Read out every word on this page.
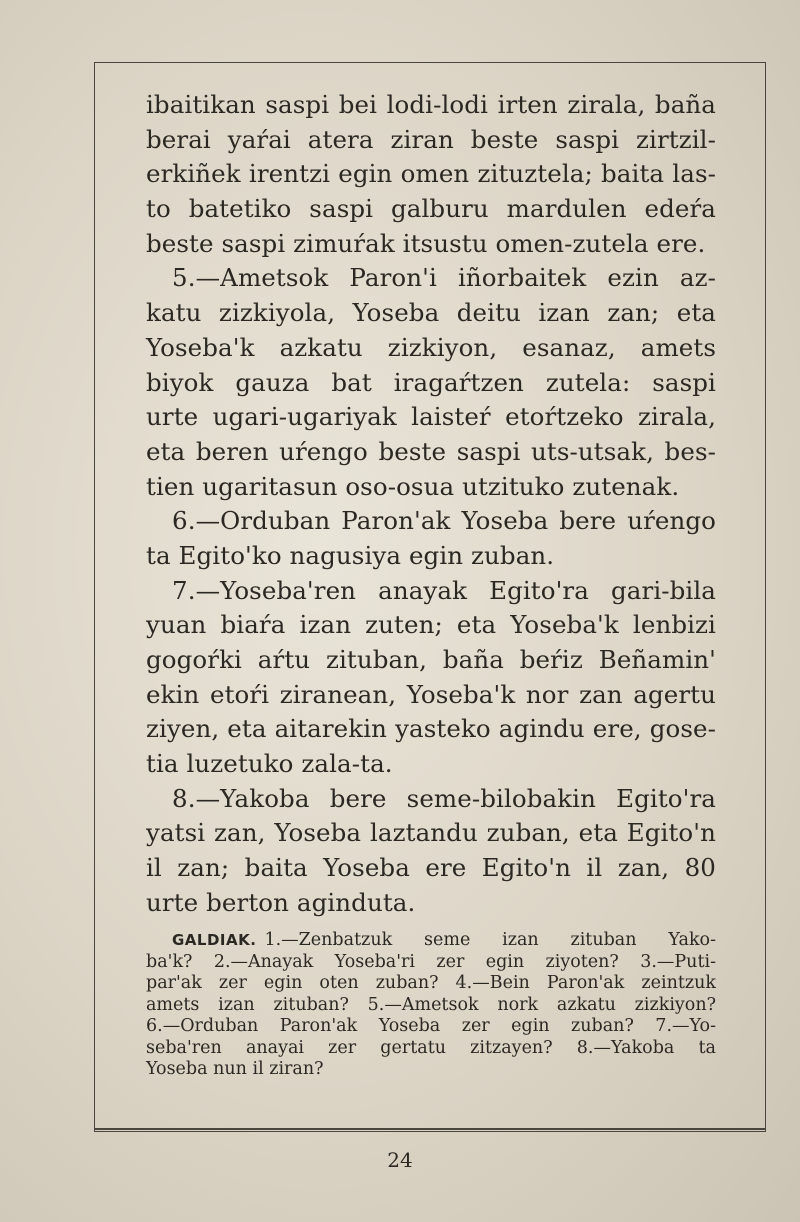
ibaitikan saspi bei lodi-lodi irten zirala, baña
berai yaŕai atera ziran beste saspi zirtzil-
erkiñek irentzi egin omen zituztela; baita las-
to batetiko saspi galburu mardulen edeŕa
beste saspi zimuŕak itsustu omen-zutela ere.
5.—Ametsok Paron'i iñorbaitek ezin az-
katu zizkiyola, Yoseba deitu izan zan; eta
Yoseba'k azkatu zizkiyon, esanaz, amets
biyok gauza bat iragaŕtzen zutela: saspi
urte ugari-ugariyak laisteŕ etoŕtzeko zirala,
eta beren uŕengo beste saspi uts-utsak, bes-
tien ugaritasun oso-osua utzituko zutenak.
6.—Orduban Paron'ak Yoseba bere uŕengo
ta Egito'ko nagusiya egin zuban.
7.—Yoseba'ren anayak Egito'ra gari-bila
yuan biaŕa izan zuten; eta Yoseba'k lenbizi
gogoŕki aŕtu zituban, baña beŕiz Beñamin'
ekin etoŕi ziranean, Yoseba'k nor zan agertu
ziyen, eta aitarekin yasteko agindu ere, gose-
tia luzetuko zala-ta.
8.—Yakoba bere seme-bilobakin Egito'ra
yatsi zan, Yoseba laztandu zuban, eta Egito'n
il zan; baita Yoseba ere Egito'n il zan, 80
urte berton aginduta.
GALDIAK. 1.—Zenbatzuk seme izan zituban Yako-
ba'k? 2.—Anayak Yoseba'ri zer egin ziyoten? 3.—Puti-
par'ak zer egin oten zuban? 4.—Bein Paron'ak zeintzuk
amets izan zituban? 5.—Ametsok nork azkatu zizkiyon?
6.—Orduban Paron'ak Yoseba zer egin zuban? 7.—Yo-
seba'ren anayai zer gertatu zitzayen? 8.—Yakoba ta
Yoseba nun il ziran?
24
